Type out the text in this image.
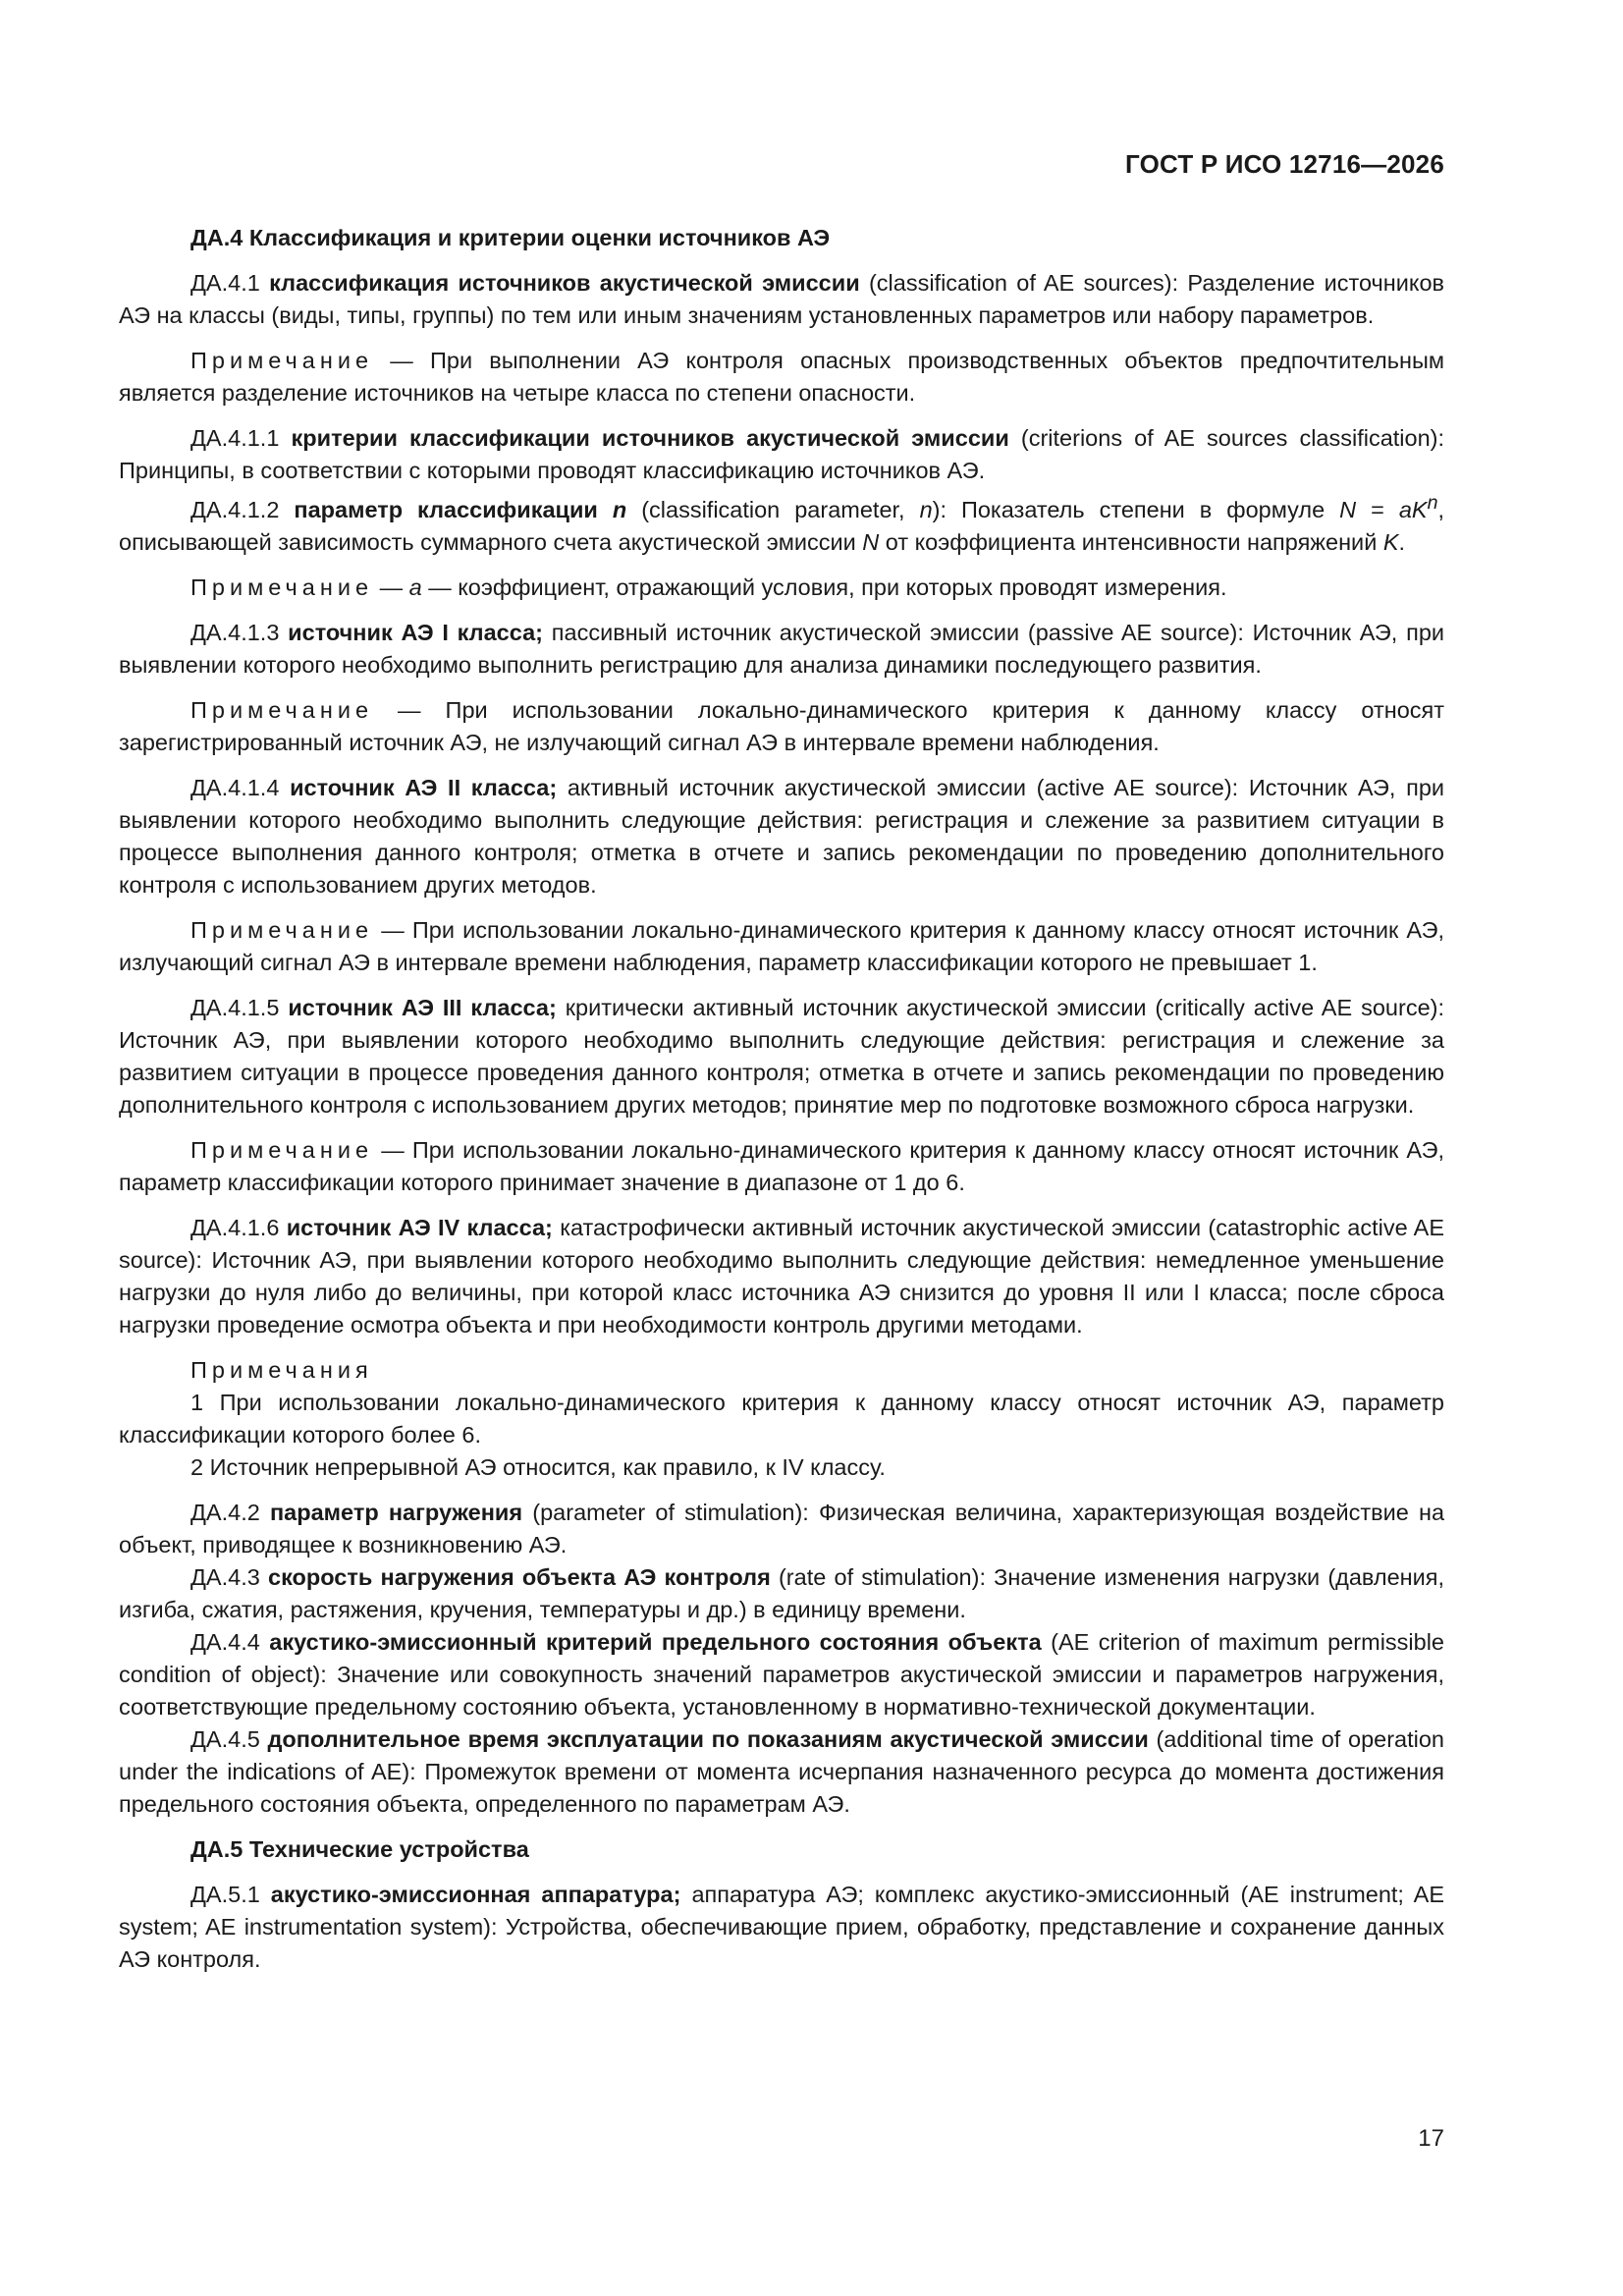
ГОСТ Р ИСО 12716—2026

ДА.4 Классификация и критерии оценки источников АЭ

ДА.4.1 классификация источников акустической эмиссии (classification of AE sources): Разделение источников АЭ на классы (виды, типы, группы) по тем или иным значениям установленных параметров или набору параметров.

Примечание — При выполнении АЭ контроля опасных производственных объектов предпочтительным является разделение источников на четыре класса по степени опасности.

ДА.4.1.1 критерии классификации источников акустической эмиссии (criterions of AE sources classification): Принципы, в соответствии с которыми проводят классификацию источников АЭ.

ДА.4.1.2 параметр классификации n (classification parameter, n): Показатель степени в формуле $N = aK^n$, описывающей зависимость суммарного счета акустической эмиссии N от коэффициента интенсивности напряжений K.

Примечание — a — коэффициент, отражающий условия, при которых проводят измерения.

ДА.4.1.3 источник АЭ I класса; пассивный источник акустической эмиссии (passive AE source): Источник АЭ, при выявлении которого необходимо выполнить регистрацию для анализа динамики последующего развития.

Примечание — При использовании локально-динамического критерия к данному классу относят зарегистрированный источник АЭ, не излучающий сигнал АЭ в интервале времени наблюдения.

ДА.4.1.4 источник АЭ II класса; активный источник акустической эмиссии (active AE source): Источник АЭ, при выявлении которого необходимо выполнить следующие действия: регистрация и слежение за развитием ситуации в процессе выполнения данного контроля; отметка в отчете и запись рекомендации по проведению дополнительного контроля с использованием других методов.

Примечание — При использовании локально-динамического критерия к данному классу относят источник АЭ, излучающий сигнал АЭ в интервале времени наблюдения, параметр классификации которого не превышает 1.

ДА.4.1.5 источник АЭ III класса; критически активный источник акустической эмиссии (critically active AE source): Источник АЭ, при выявлении которого необходимо выполнить следующие действия: регистрация и слежение за развитием ситуации в процессе проведения данного контроля; отметка в отчете и запись рекомендации по проведению дополнительного контроля с использованием других методов; принятие мер по подготовке возможного сброса нагрузки.

Примечание — При использовании локально-динамического критерия к данному классу относят источник АЭ, параметр классификации которого принимает значение в диапазоне от 1 до 6.

ДА.4.1.6 источник АЭ IV класса; катастрофически активный источник акустической эмиссии (catastrophic active AE source): Источник АЭ, при выявлении которого необходимо выполнить следующие действия: немедленное уменьшение нагрузки до нуля либо до величины, при которой класс источника АЭ снизится до уровня II или I класса; после сброса нагрузки проведение осмотра объекта и при необходимости контроль другими методами.

Примечания

1 При использовании локально-динамического критерия к данному классу относят источник АЭ, параметр классификации которого более 6.

2 Источник непрерывной АЭ относится, как правило, к IV классу.

ДА.4.2 параметр нагружения (parameter of stimulation): Физическая величина, характеризующая воздействие на объект, приводящее к возникновению АЭ.

ДА.4.3 скорость нагружения объекта АЭ контроля (rate of stimulation): Значение изменения нагрузки (давления, изгиба, сжатия, растяжения, кручения, температуры и др.) в единицу времени.

ДА.4.4 акустико-эмиссионный критерий предельного состояния объекта (AE criterion of maximum permissible condition of object): Значение или совокупность значений параметров акустической эмиссии и параметров нагружения, соответствующие предельному состоянию объекта, установленному в нормативно-технической документации.

ДА.4.5 дополнительное время эксплуатации по показаниям акустической эмиссии (additional time of operation under the indications of AE): Промежуток времени от момента исчерпания назначенного ресурса до момента достижения предельного состояния объекта, определенного по параметрам АЭ.

ДА.5 Технические устройства

ДА.5.1 акустико-эмиссионная аппаратура; аппаратура АЭ; комплекс акустико-эмиссионный (AE instrument; AE system; AE instrumentation system): Устройства, обеспечивающие прием, обработку, представление и сохранение данных АЭ контроля.

17
